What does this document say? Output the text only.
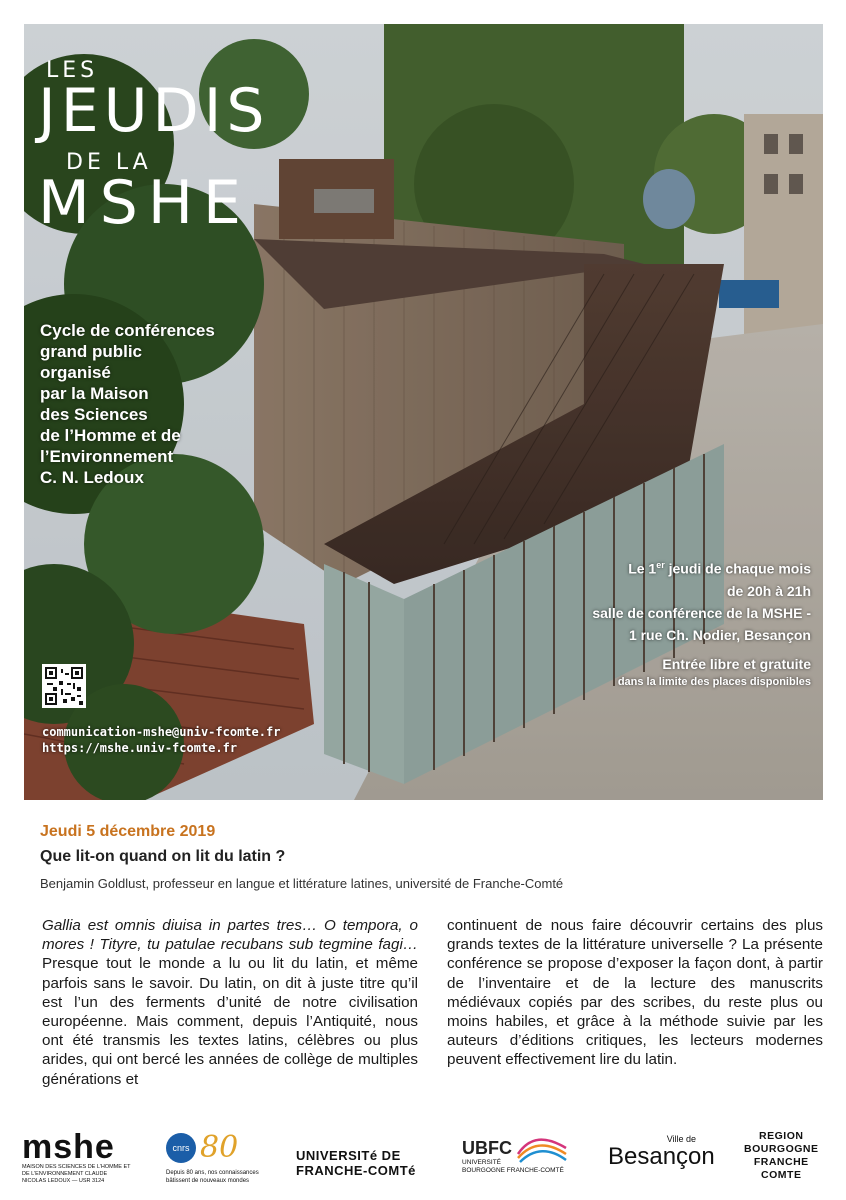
LES
JEUDIS
DE LA
MSHE
Cycle de conférences
grand public
organisé
par la Maison
des Sciences
de l’Homme et de
l’Environnement
C. N. Ledoux
Le 1er jeudi de chaque mois
de 20h à 21h
salle de conférence de la MSHE -
1 rue Ch. Nodier, Besançon
Entrée libre et gratuite
dans la limite des places disponibles
communication-mshe@univ-fcomte.fr
https://mshe.univ-fcomte.fr
Jeudi 5 décembre 2019
Que lit-on quand on lit du latin ?
Benjamin Goldlust, professeur en langue et littérature latines, université de Franche-Comté
Gallia est omnis diuisa in partes tres… O tempora, o mores ! Tityre, tu patulae recubans sub tegmine fagi… Presque tout le monde a lu ou lit du latin, et même parfois sans le savoir. Du latin, on dit à juste titre qu’il est l’un des ferments d’unité de notre civilisation européenne. Mais comment, depuis l’Antiquité, nous ont été transmis les textes latins, célèbres ou plus arides, qui ont bercé les années de collège de multiples générations et
continuent de nous faire découvrir certains des plus grands textes de la littérature universelle ? La présente conférence se propose d’exposer la façon dont, à partir de l’inventaire et de la lecture des manuscrits médiévaux copiés par des scribes, du reste plus ou moins habiles, et grâce à la méthode suivie par les auteurs d’éditions critiques, les lecteurs modernes peuvent effectivement lire du latin.
mshe
MAISON DES SCIENCES DE L’HOMME ET DE L’ENVIRONNEMENT CLAUDE NICOLAS LEDOUX — USR 3124
cnrs 80
Depuis 80 ans, nos connaissances bâtissent de nouveaux mondes
UNIVERSITé DE
FRANCHE-COMTé
UBFC
UNIVERSITÉ
BOURGOGNE FRANCHE-COMTÉ
Ville de
Besançon
REGION
BOURGOGNE
FRANCHE
COMTE
